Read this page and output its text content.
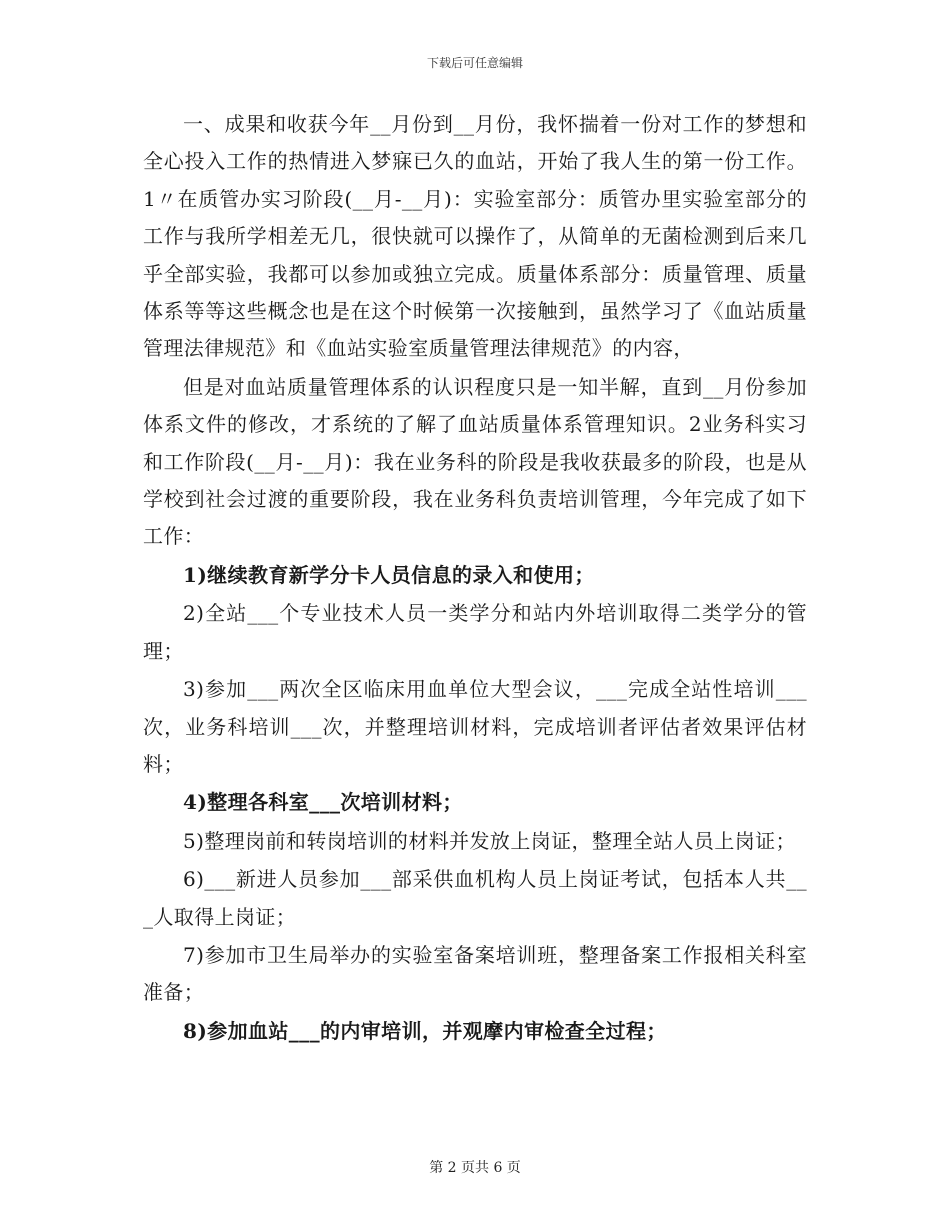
下载后可任意编辑

一、成果和收获今年__月份到__月份，我怀揣着一份对工作的梦想和全心投入工作的热情进入梦寐已久的血站，开始了我人生的第一份工作。1〃在质管办实习阶段(__月-__月)：实验室部分：质管办里实验室部分的工作与我所学相差无几，很快就可以操作了，从简单的无菌检测到后来几乎全部实验，我都可以参加或独立完成。质量体系部分：质量管理、质量体系等等这些概念也是在这个时候第一次接触到，虽然学习了《血站质量管理法律规范》和《血站实验室质量管理法律规范》的内容，

但是对血站质量管理体系的认识程度只是一知半解，直到__月份参加体系文件的修改，才系统的了解了血站质量体系管理知识。2业务科实习和工作阶段(__月-__月)：我在业务科的阶段是我收获最多的阶段，也是从学校到社会过渡的重要阶段，我在业务科负责培训管理，今年完成了如下工作：

1)继续教育新学分卡人员信息的录入和使用；

2)全站___个专业技术人员一类学分和站内外培训取得二类学分的管理；

3)参加___两次全区临床用血单位大型会议，___完成全站性培训___次，业务科培训___次，并整理培训材料，完成培训者评估者效果评估材料；

4)整理各科室___次培训材料；

5)整理岗前和转岗培训的材料并发放上岗证，整理全站人员上岗证；

6)___新进人员参加___部采供血机构人员上岗证考试，包括本人共___人取得上岗证；

7)参加市卫生局举办的实验室备案培训班，整理备案工作报相关科室准备；

8)参加血站___的内审培训，并观摩内审检查全过程；

第 2 页共 6 页
